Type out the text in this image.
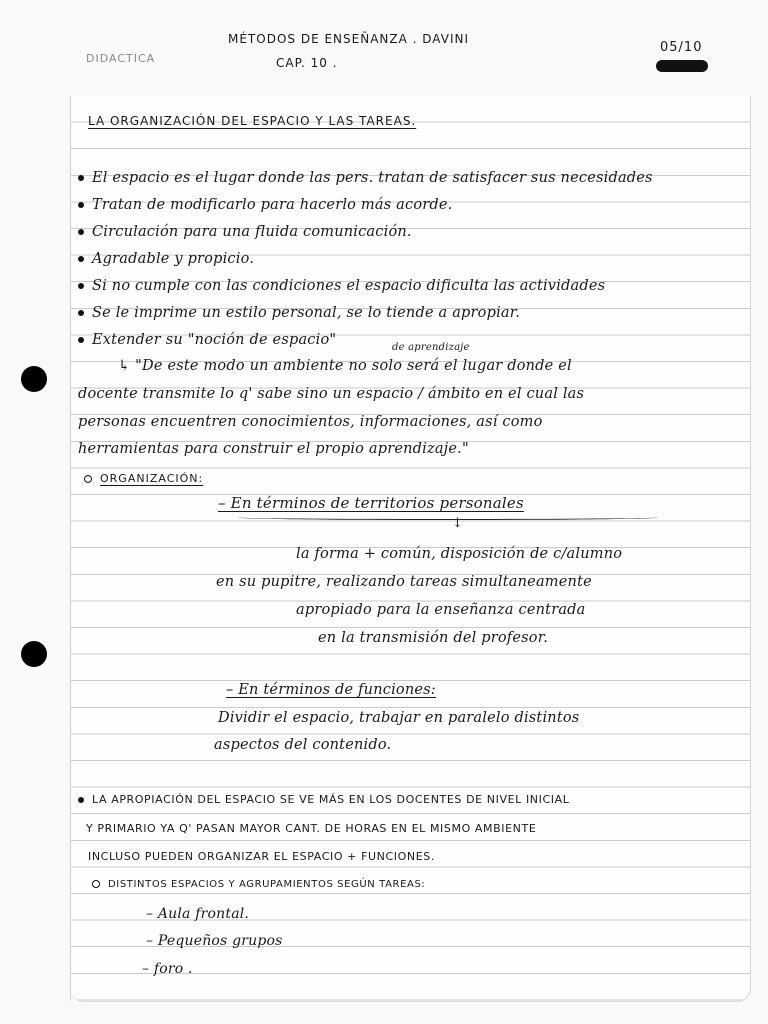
DIDACTICA
MÉTODOS DE ENSEÑANZA . DAVINI
CAP. 10 .
05/10
LA ORGANIZACIÓN DEL ESPACIO Y LAS TAREAS.
El espacio es el lugar donde las pers. tratan de satisfacer sus necesidades
Tratan de modificarlo para hacerlo más acorde.
Circulación para una fluida comunicación.
Agradable y propicio.
Si no cumple con las condiciones el espacio dificulta las actividades
Se le imprime un estilo personal, se lo tiende a apropiar.
Extender su "noción de espacio"	de aprendizaje
↳ "De este modo un ambiente no solo será el lugar donde el
docente transmite lo q' sabe sino un espacio / ámbito en el cual las
personas encuentren conocimientos, informaciones, así como
herramientas para construir el propio aprendizaje."
ORGANIZACIÓN:
– En términos de territorios personales
↓
la forma + común, disposición de c/alumno
en su pupitre, realizando tareas simultaneamente
apropiado para la enseñanza centrada
en la transmisión del profesor.
– En términos de funciones:
Dividir el espacio, trabajar en paralelo distintos
aspectos del contenido.
LA APROPIACIÓN DEL ESPACIO SE VE MÁS EN LOS DOCENTES DE NIVEL INICIAL
Y PRIMARIO YA Q' PASAN MAYOR CANT. DE HORAS EN EL MISMO AMBIENTE
INCLUSO PUEDEN ORGANIZAR EL ESPACIO + FUNCIONES.
DISTINTOS ESPACIOS Y AGRUPAMIENTOS SEGÚN TAREAS:
– Aula frontal.
– Pequeños grupos
– foro .
